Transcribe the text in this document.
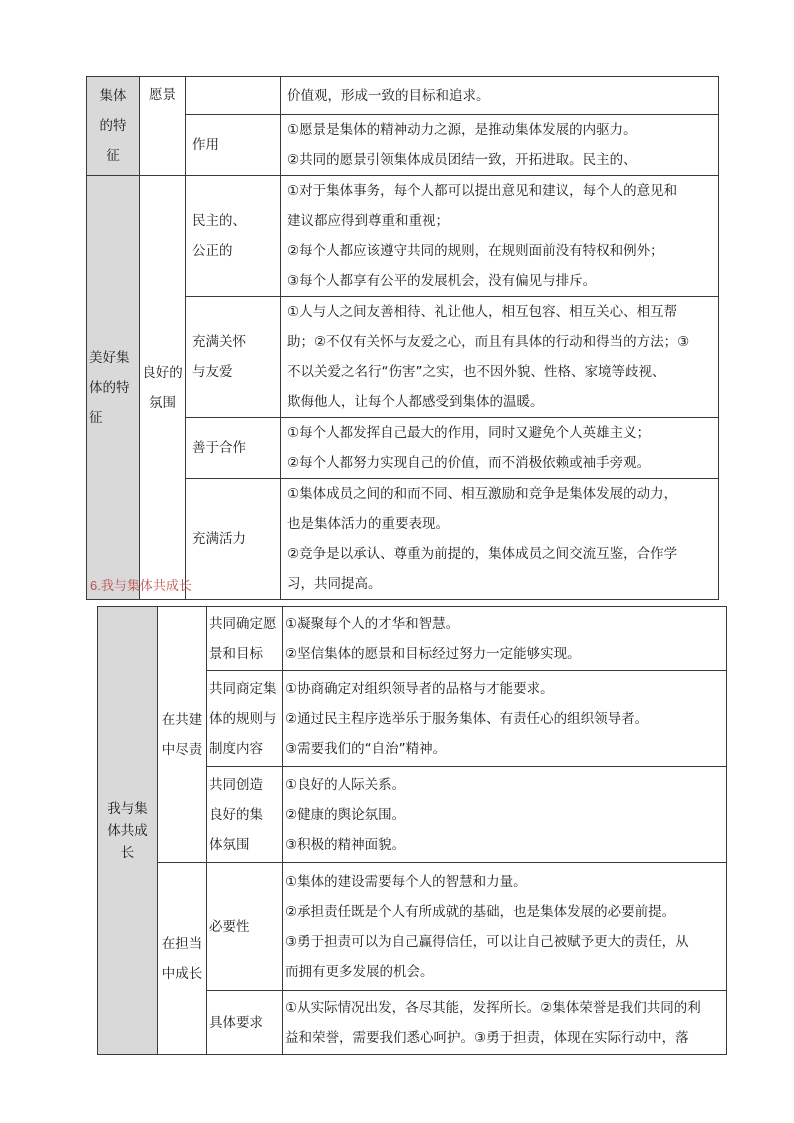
集体
的特
征	愿景		价值观，形成一致的目标和追求。

		作用	①愿景是集体的精神动力之源，是推动集体发展的内驱力。
②共同的愿景引领集体成员团结一致，开拓进取。民主的、

美好集
体的特
征	良好的
氛围	民主的、
公正的	①对于集体事务，每个人都可以提出意见和建议，每个人的意见和
建议都应得到尊重和重视；
②每个人都应该遵守共同的规则，在规则面前没有特权和例外；
③每个人都享有公平的发展机会，没有偏见与排斥。

		充满关怀
与友爱	①人与人之间友善相待、礼让他人，相互包容、相互关心、相互帮
助；②不仅有关怀与友爱之心，而且有具体的行动和得当的方法；③
不以关爱之名行“伤害”之实，也不因外貌、性格、家境等歧视、
欺侮他人，让每个人都感受到集体的温暖。

		善于合作	①每个人都发挥自己最大的作用，同时又避免个人英雄主义；
②每个人都努力实现自己的价值，而不消极依赖或袖手旁观。

		充满活力	①集体成员之间的和而不同、相互激励和竞争是集体发展的动力，
也是集体活力的重要表现。
②竞争是以承认、尊重为前提的，集体成员之间交流互鉴，合作学
习，共同提高。
6.我与集体共成长
我与集
体共成
长	在共建
中尽责	共同确定愿
景和目标	①凝聚每个人的才华和智慧。
②坚信集体的愿景和目标经过努力一定能够实现。

		共同商定集
体的规则与
制度内容	①协商确定对组织领导者的品格与才能要求。
②通过民主程序选举乐于服务集体、有责任心的组织领导者。
③需要我们的“自治”精神。

		共同创造
良好的集
体氛围	①良好的人际关系。
②健康的舆论氛围。
③积极的精神面貌。

	在担当
中成长	必要性	①集体的建设需要每个人的智慧和力量。
②承担责任既是个人有所成就的基础，也是集体发展的必要前提。
③勇于担责可以为自己赢得信任，可以让自己被赋予更大的责任，从
而拥有更多发展的机会。

		具体要求	①从实际情况出发，各尽其能，发挥所长。②集体荣誉是我们共同的利
益和荣誉，需要我们悉心呵护。③勇于担责，体现在实际行动中，落
